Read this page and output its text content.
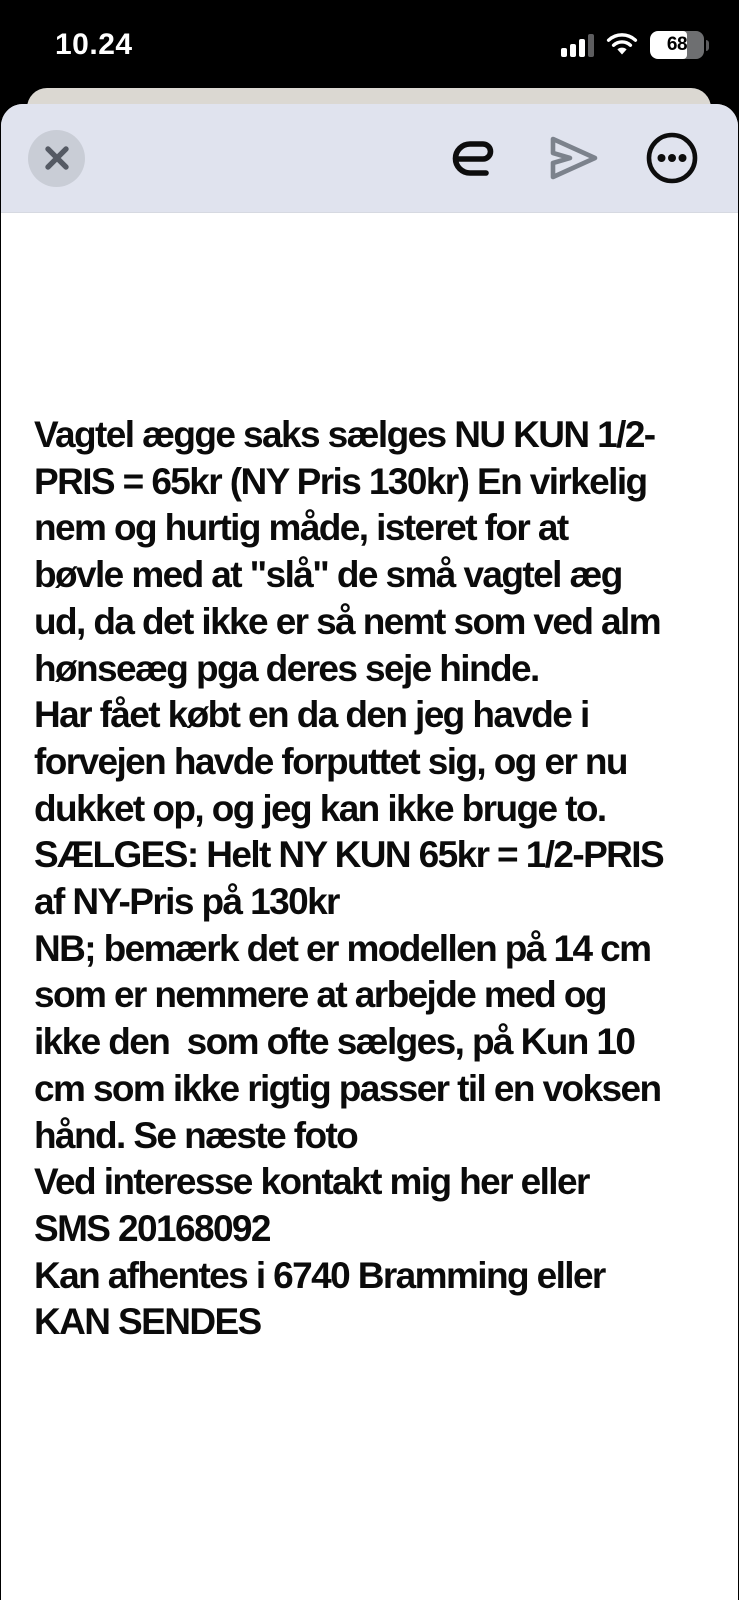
10.24	68
Vagtel ægge saks sælges NU KUN 1/2-
PRIS = 65kr (NY Pris 130kr) En virkelig
nem og hurtig måde, isteret for at
bøvle med at "slå" de små vagtel æg
ud, da det ikke er så nemt som ved alm
hønseæg pga deres seje hinde.
Har fået købt en da den jeg havde i
forvejen havde forputtet sig, og er nu
dukket op, og jeg kan ikke bruge to.
SÆLGES: Helt NY KUN 65kr = 1/2-PRIS
af NY-Pris på 130kr
NB; bemærk det er modellen på 14 cm
som er nemmere at arbejde med og
ikke den  som ofte sælges, på Kun 10
cm som ikke rigtig passer til en voksen
hånd. Se næste foto
Ved interesse kontakt mig her eller
SMS 20168092
Kan afhentes i 6740 Bramming eller
KAN SENDES
